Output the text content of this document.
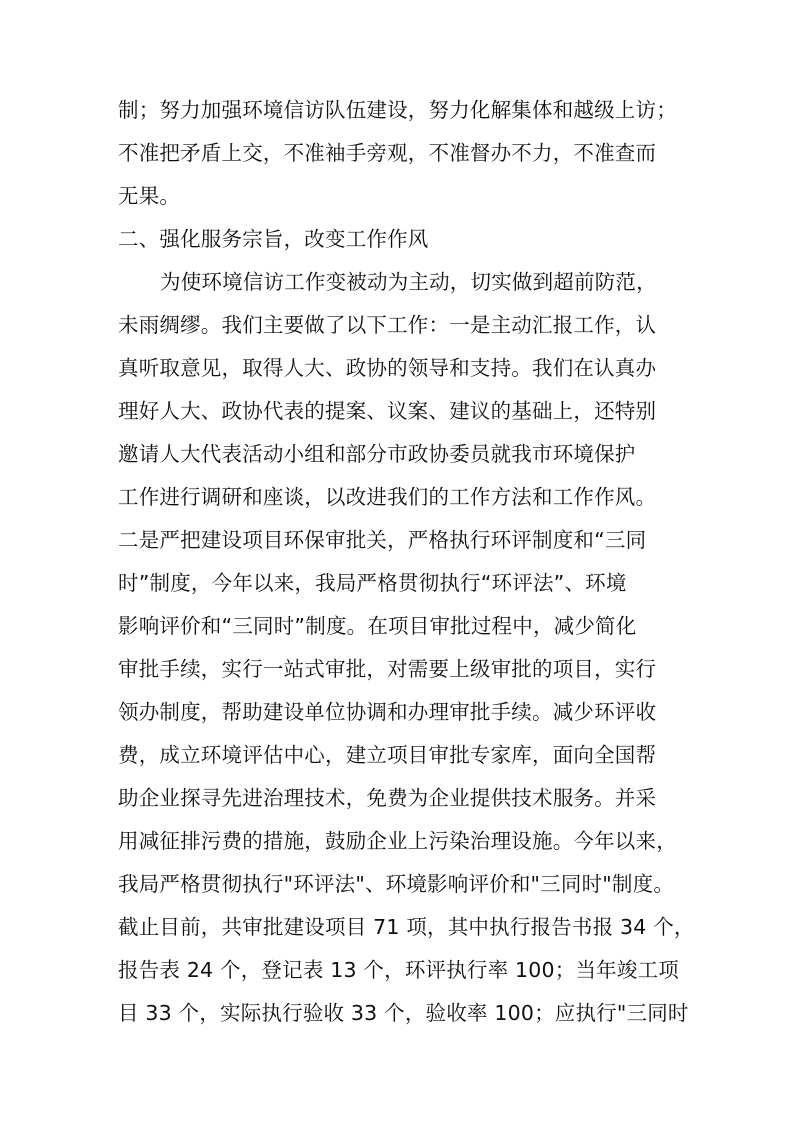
制；努力加强环境信访队伍建设，努力化解集体和越级上访；
不准把矛盾上交，不准袖手旁观，不准督办不力，不准查而
无果。
二、强化服务宗旨，改变工作作风
为使环境信访工作变被动为主动，切实做到超前防范，
未雨绸缪。我们主要做了以下工作：一是主动汇报工作，认
真听取意见，取得人大、政协的领导和支持。我们在认真办
理好人大、政协代表的提案、议案、建议的基础上，还特别
邀请人大代表活动小组和部分市政协委员就我市环境保护
工作进行调研和座谈，以改进我们的工作方法和工作作风。
二是严把建设项目环保审批关，严格执行环评制度和“三同
时”制度，今年以来，我局严格贯彻执行“环评法”、环境
影响评价和“三同时”制度。在项目审批过程中，减少简化
审批手续，实行一站式审批，对需要上级审批的项目，实行
领办制度，帮助建设单位协调和办理审批手续。减少环评收
费，成立环境评估中心，建立项目审批专家库，面向全国帮
助企业探寻先进治理技术，免费为企业提供技术服务。并采
用减征排污费的措施，鼓励企业上污染治理设施。今年以来，
我局严格贯彻执行"环评法"、环境影响评价和"三同时"制度。
截止目前，共审批建设项目 71 项，其中执行报告书报 34 个，
报告表 24 个，登记表 13 个，环评执行率 100；当年竣工项
目 33 个，实际执行验收 33 个，验收率 100；应执行"三同时
